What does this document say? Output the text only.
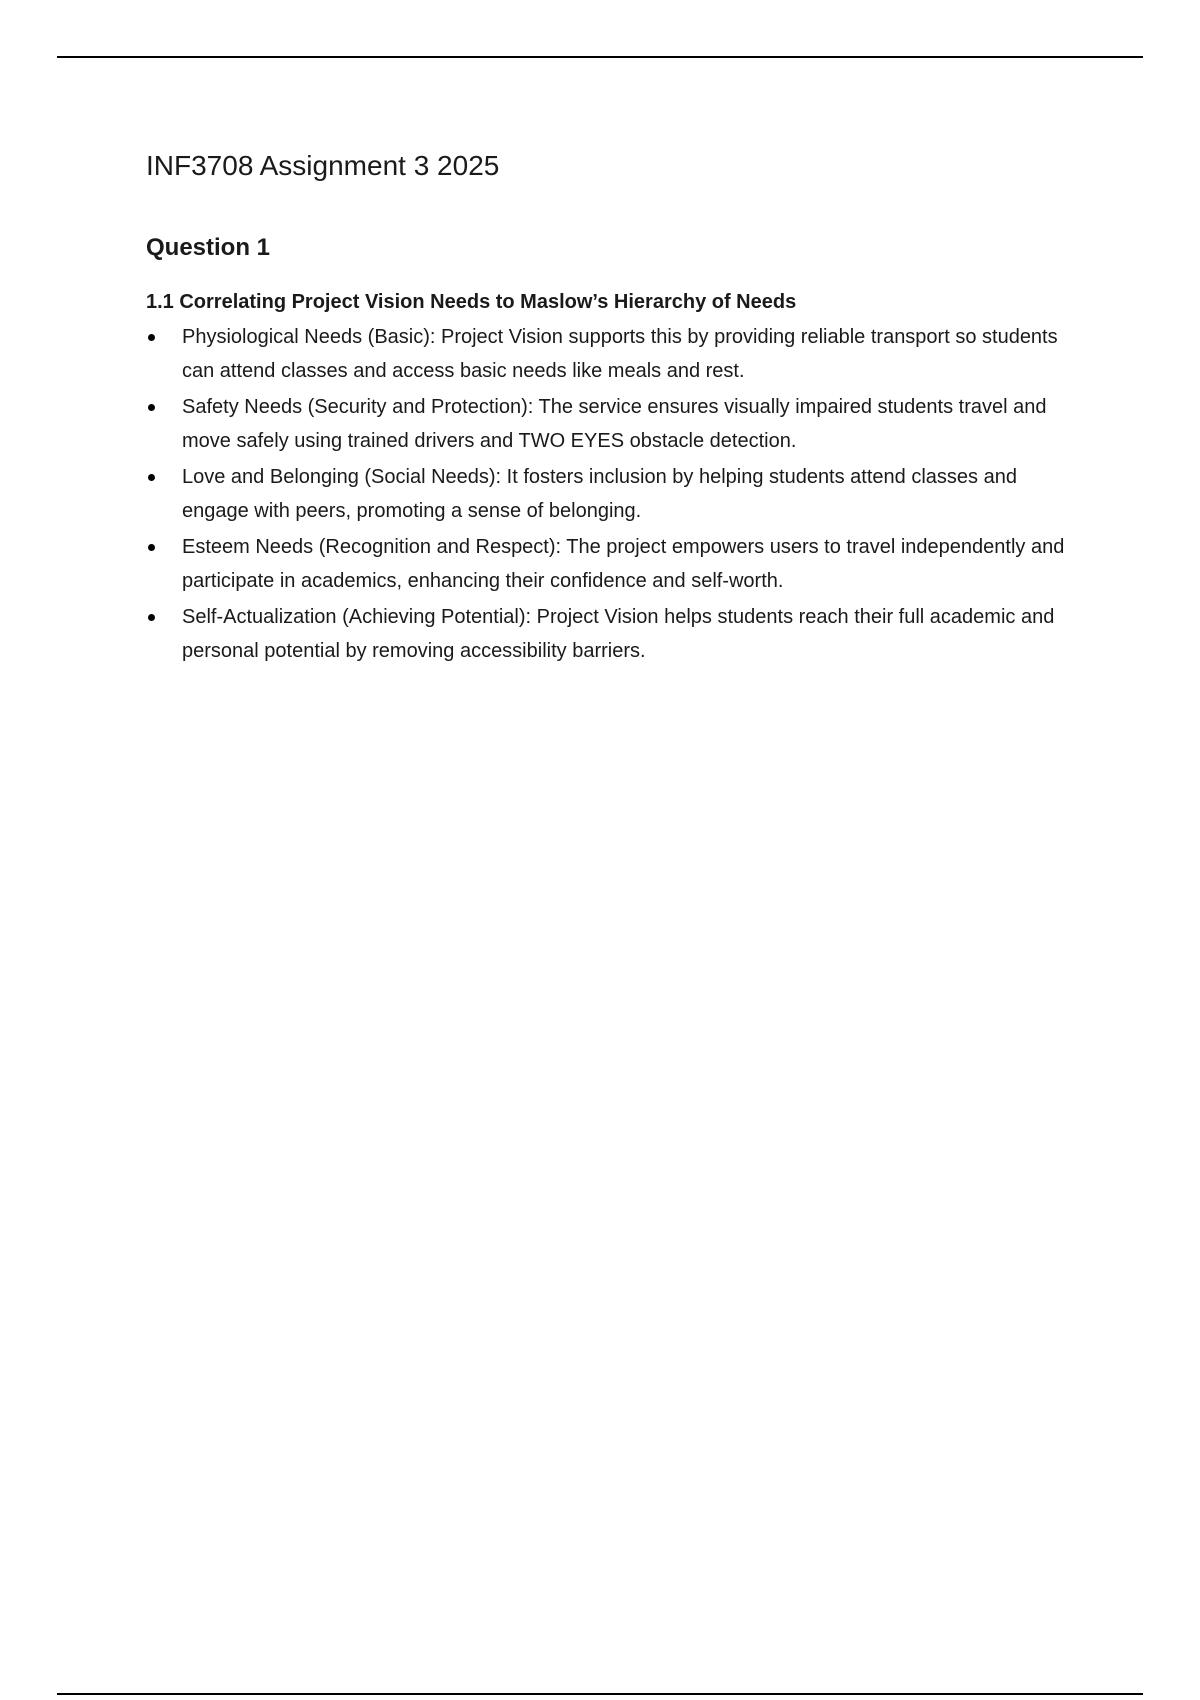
INF3708 Assignment 3 2025
Question 1
1.1 Correlating Project Vision Needs to Maslow’s Hierarchy of Needs
Physiological Needs (Basic): Project Vision supports this by providing reliable transport so students can attend classes and access basic needs like meals and rest.
Safety Needs (Security and Protection): The service ensures visually impaired students travel and move safely using trained drivers and TWO EYES obstacle detection.
Love and Belonging (Social Needs): It fosters inclusion by helping students attend classes and engage with peers, promoting a sense of belonging.
Esteem Needs (Recognition and Respect): The project empowers users to travel independently and participate in academics, enhancing their confidence and self-worth.
Self-Actualization (Achieving Potential): Project Vision helps students reach their full academic and personal potential by removing accessibility barriers.
